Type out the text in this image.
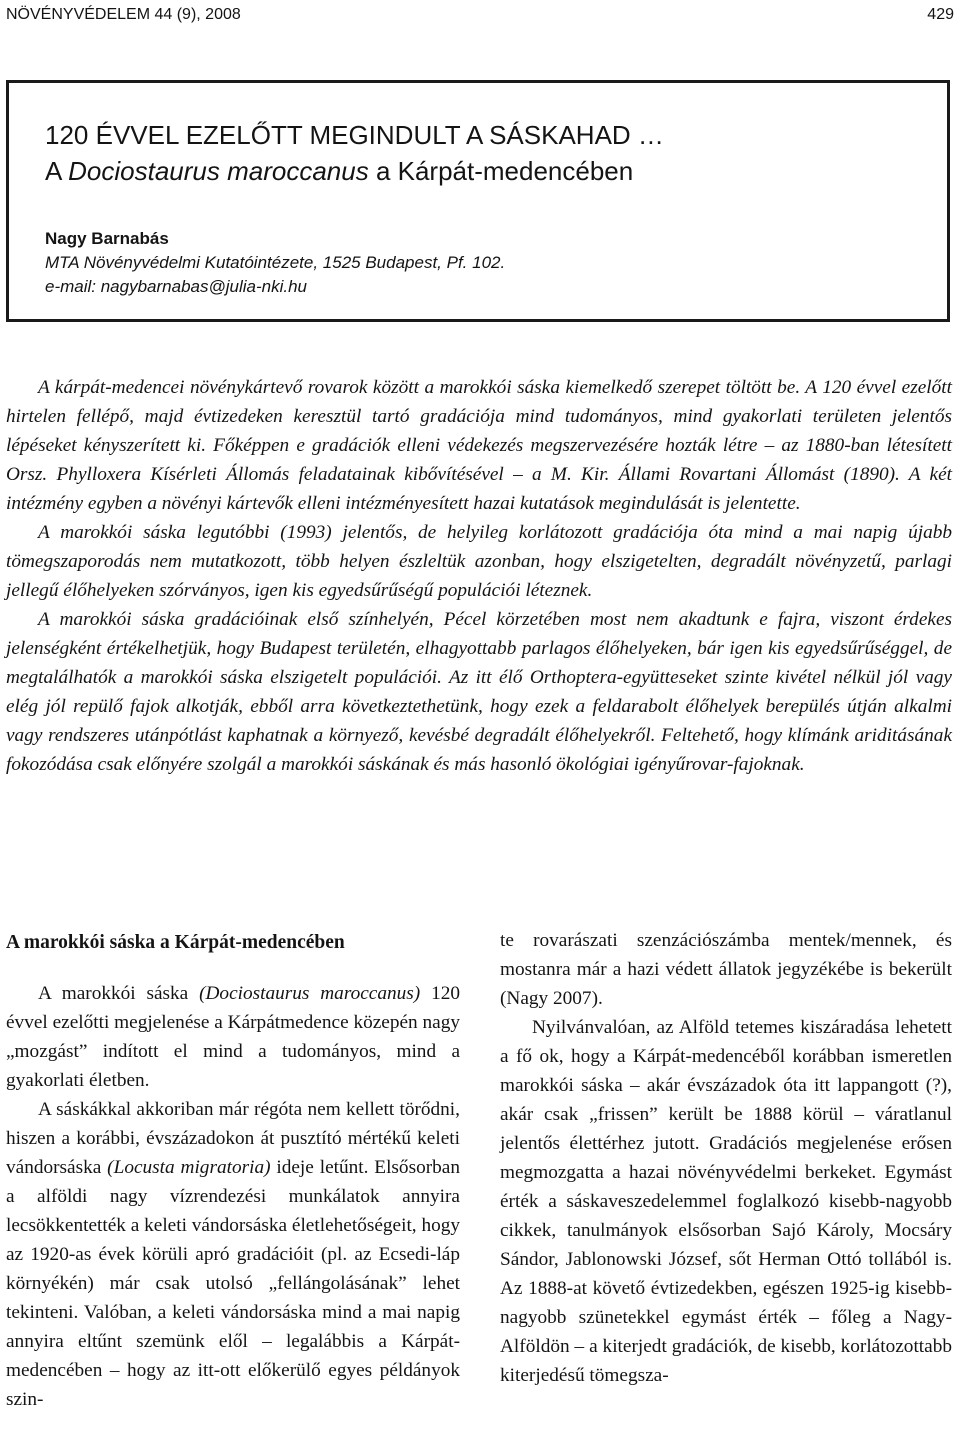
NÖVÉNYVÉDELEM 44 (9), 2008	429
120 ÉVVEL EZELŐTT MEGINDULT A SÁSKAHAD …
A Dociostaurus maroccanus a Kárpát-medencében
Nagy Barnabás
MTA Növényvédelmi Kutatóintézete, 1525 Budapest, Pf. 102.
e-mail: nagybarnabas@julia-nki.hu

A kárpát-medencei növénykártevő rovarok között a marokkói sáska kiemelkedő szerepet töltött be. A 120 évvel ezelőtt hirtelen fellépő, majd évtizedeken keresztül tartó gradációja mind tudományos, mind gyakorlati területen jelentős lépéseket kényszerített ki. Főképpen e gradációk elleni védekezés megszervezésére hozták létre – az 1880-ban létesített Orsz. Phylloxera Kísérleti Állomás feladatainak kibővítésével – a M. Kir. Állami Rovartani Állomást (1890). A két intézmény egyben a növényi kártevők elleni intézményesített hazai kutatások megindulását is jelentette.

A marokkói sáska legutóbbi (1993) jelentős, de helyileg korlátozott gradációja óta mind a mai napig újabb tömegszaporodás nem mutatkozott, több helyen észleltük azonban, hogy elszigetelten, degradált növényzetű, parlagi jellegű élőhelyeken szórványos, igen kis egyedsűrűségű populációi léteznek.

A marokkói sáska gradációinak első színhelyén, Pécel körzetében most nem akadtunk e fajra, viszont érdekes jelenségként értékelhetjük, hogy Budapest területén, elhagyottabb parlagos élőhelyeken, bár igen kis egyedsűrűséggel, de megtalálhatók a marokkói sáska elszigetelt populációi. Az itt élő Orthoptera-együtteseket szinte kivétel nélkül jól vagy elég jól repülő fajok alkotják, ebből arra következtethetünk, hogy ezek a feldarabolt élőhelyek berepülés útján alkalmi vagy rendszeres utánpótlást kaphatnak a környező, kevésbé degradált élőhelyekről. Feltehető, hogy klímánk ariditásának fokozódása csak előnyére szolgál a marokkói sáskának és más hasonló ökológiai igényűrovar-fajoknak.

A marokkói sáska a Kárpát-medencében

A marokkói sáska (Dociostaurus maroccanus) 120 évvel ezelőtti megjelenése a Kárpátmedence közepén nagy „mozgást” indított el mind a tudományos, mind a gyakorlati életben.

A sáskákkal akkoriban már régóta nem kellett törődni, hiszen a korábbi, évszázadokon át pusztító mértékű keleti vándorsáska (Locusta migratoria) ideje letűnt. Elsősorban a alföldi nagy vízrendezési munkálatok annyira lecsökkentették a keleti vándorsáska életlehetőségeit, hogy az 1920-as évek körüli apró gradációit (pl. az Ecsedi-láp környékén) már csak utolsó „fellángolásának” lehet tekinteni. Valóban, a keleti vándorsáska mind a mai napig annyira eltűnt szemünk elől – legalábbis a Kárpát-medencében – hogy az itt-ott előkerülő egyes példányok szin-

te rovarászati szenzációszámba mentek/mennek, és mostanra már a hazi védett állatok jegyzékébe is bekerült (Nagy 2007).

Nyilvánvalóan, az Alföld tetemes kiszáradása lehetett a fő ok, hogy a Kárpát-medencéből korábban ismeretlen marokkói sáska – akár évszázadok óta itt lappangott (?), akár csak „frissen” került be 1888 körül – váratlanul jelentős élettérhez jutott. Gradációs megjelenése erősen megmozgatta a hazai növényvédelmi berkeket. Egymást érték a sáskaveszedelemmel foglalkozó kisebb-nagyobb cikkek, tanulmányok elsősorban Sajó Károly, Mocsáry Sándor, Jablonowski József, sőt Herman Ottó tollából is. Az 1888-at követő évtizedekben, egészen 1925-ig kisebb-nagyobb szünetekkel egymást érték – főleg a Nagy-Alföldön – a kiterjedt gradációk, de kisebb, korlátozottabb kiterjedésű tömegsza-
